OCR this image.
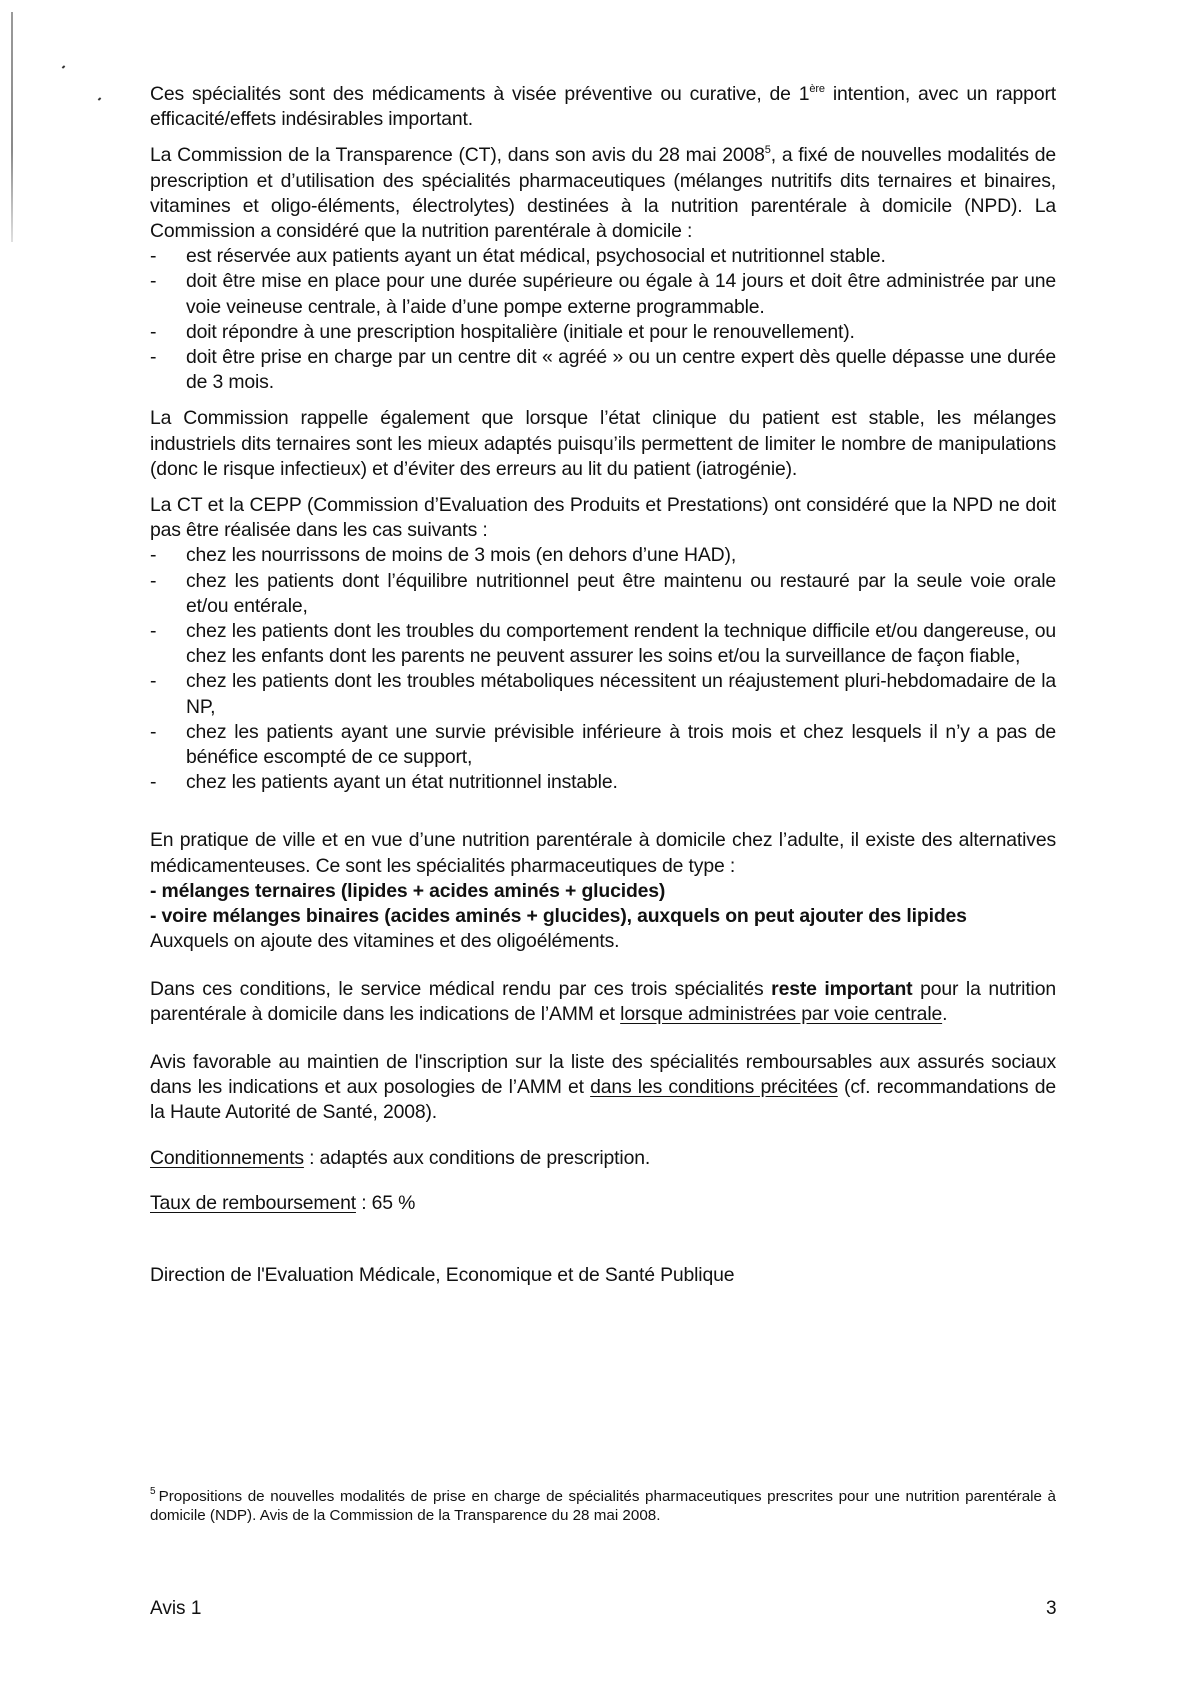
Ces spécialités sont des médicaments à visée préventive ou curative, de 1ère intention, avec un rapport efficacité/effets indésirables important.

La Commission de la Transparence (CT), dans son avis du 28 mai 2008$^5$, a fixé de nouvelles modalités de prescription et d’utilisation des spécialités pharmaceutiques (mélanges nutritifs dits ternaires et binaires, vitamines et oligo-éléments, électrolytes) destinées à la nutrition parentérale à domicile (NPD). La Commission a considéré que la nutrition parentérale à domicile :

- est réservée aux patients ayant un état médical, psychosocial et nutritionnel stable.
- doit être mise en place pour une durée supérieure ou égale à 14 jours et doit être administrée par une voie veineuse centrale, à l’aide d’une pompe externe programmable.
- doit répondre à une prescription hospitalière (initiale et pour le renouvellement).
- doit être prise en charge par un centre dit « agréé » ou un centre expert dès quelle dépasse une durée de 3 mois.

La Commission rappelle également que lorsque l’état clinique du patient est stable, les mélanges industriels dits ternaires sont les mieux adaptés puisqu’ils permettent de limiter le nombre de manipulations (donc le risque infectieux) et d’éviter des erreurs au lit du patient (iatrogénie).

La CT et la CEPP (Commission d’Evaluation des Produits et Prestations) ont considéré que la NPD ne doit pas être réalisée dans les cas suivants :

- chez les nourrissons de moins de 3 mois (en dehors d’une HAD),
- chez les patients dont l’équilibre nutritionnel peut être maintenu ou restauré par la seule voie orale et/ou entérale,
- chez les patients dont les troubles du comportement rendent la technique difficile et/ou dangereuse, ou chez les enfants dont les parents ne peuvent assurer les soins et/ou la surveillance de façon fiable,
- chez les patients dont les troubles métaboliques nécessitent un réajustement pluri-hebdomadaire de la NP,
- chez les patients ayant une survie prévisible inférieure à trois mois et chez lesquels il n’y a pas de bénéfice escompté de ce support,
- chez les patients ayant un état nutritionnel instable.
En pratique de ville et en vue d’une nutrition parentérale à domicile chez l’adulte, il existe des alternatives médicamenteuses. Ce sont les spécialités pharmaceutiques de type :
- mélanges ternaires (lipides + acides aminés + glucides)
- voire mélanges binaires (acides aminés + glucides), auxquels on peut ajouter des lipides
Auxquels on ajoute des vitamines et des oligoéléments.

Dans ces conditions, le service médical rendu par ces trois spécialités reste important pour la nutrition parentérale à domicile dans les indications de l’AMM et lorsque administrées par voie centrale.

Avis favorable au maintien de l'inscription sur la liste des spécialités remboursables aux assurés sociaux dans les indications et aux posologies de l’AMM et dans les conditions précitées (cf. recommandations de la Haute Autorité de Santé, 2008).

Conditionnements : adaptés aux conditions de prescription.

Taux de remboursement : 65 %

Direction de l'Evaluation Médicale, Economique et de Santé Publique

$^5$ Propositions de nouvelles modalités de prise en charge de spécialités pharmaceutiques prescrites pour une nutrition parentérale à domicile (NDP). Avis de la Commission de la Transparence du 28 mai 2008.
Avis 1	3
